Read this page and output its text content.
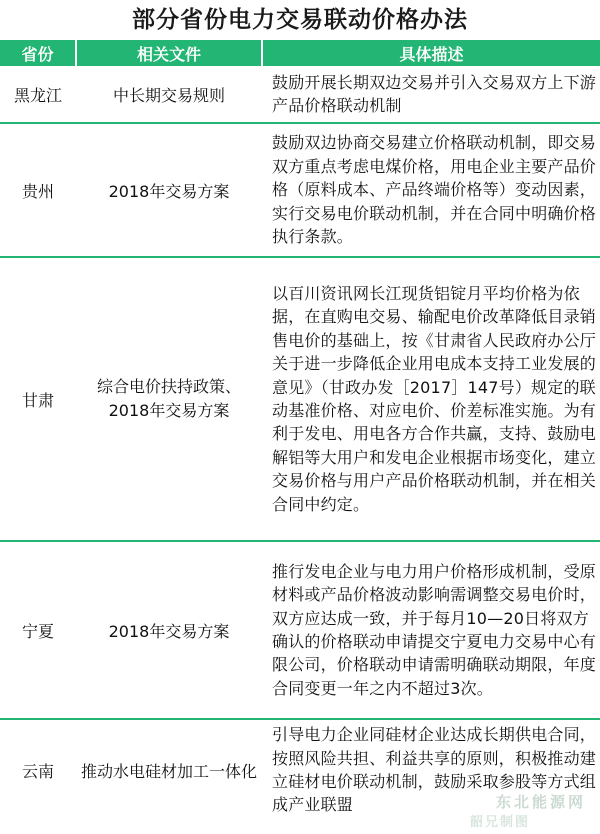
部分省份电力交易联动价格办法
省份	相关文件	具体描述
黑龙江	中长期交易规则	鼓励开展长期双边交易并引入交易双方上下游产品价格联动机制
贵州	2018年交易方案	鼓励双边协商交易建立价格联动机制，即交易双方重点考虑电煤价格，用电企业主要产品价格（原料成本、产品终端价格等）变动因素，实行交易电价联动机制，并在合同中明确价格执行条款。
甘肃	综合电价扶持政策、2018年交易方案	以百川资讯网长江现货铝锭月平均价格为依据，在直购电交易、输配电价改革降低目录销售电价的基础上，按《甘肃省人民政府办公厅关于进一步降低企业用电成本支持工业发展的意见》（甘政办发［2017］147号）规定的联动基准价格、对应电价、价差标准实施。为有利于发电、用电各方合作共赢，支持、鼓励电解铝等大用户和发电企业根据市场变化，建立交易价格与用户产品价格联动机制，并在相关合同中约定。
宁夏	2018年交易方案	推行发电企业与电力用户价格形成机制，受原材料或产品价格波动影响需调整交易电价时，双方应达成一致，并于每月10—20日将双方确认的价格联动申请提交宁夏电力交易中心有限公司，价格联动申请需明确联动期限，年度合同变更一年之内不超过3次。
云南	推动水电硅材加工一体化	引导电力企业同硅材企业达成长期供电合同，按照风险共担、利益共享的原则，积极推动建立硅材电价联动机制，鼓励采取参股等方式组成产业联盟	东北能源网
韶兄制图
